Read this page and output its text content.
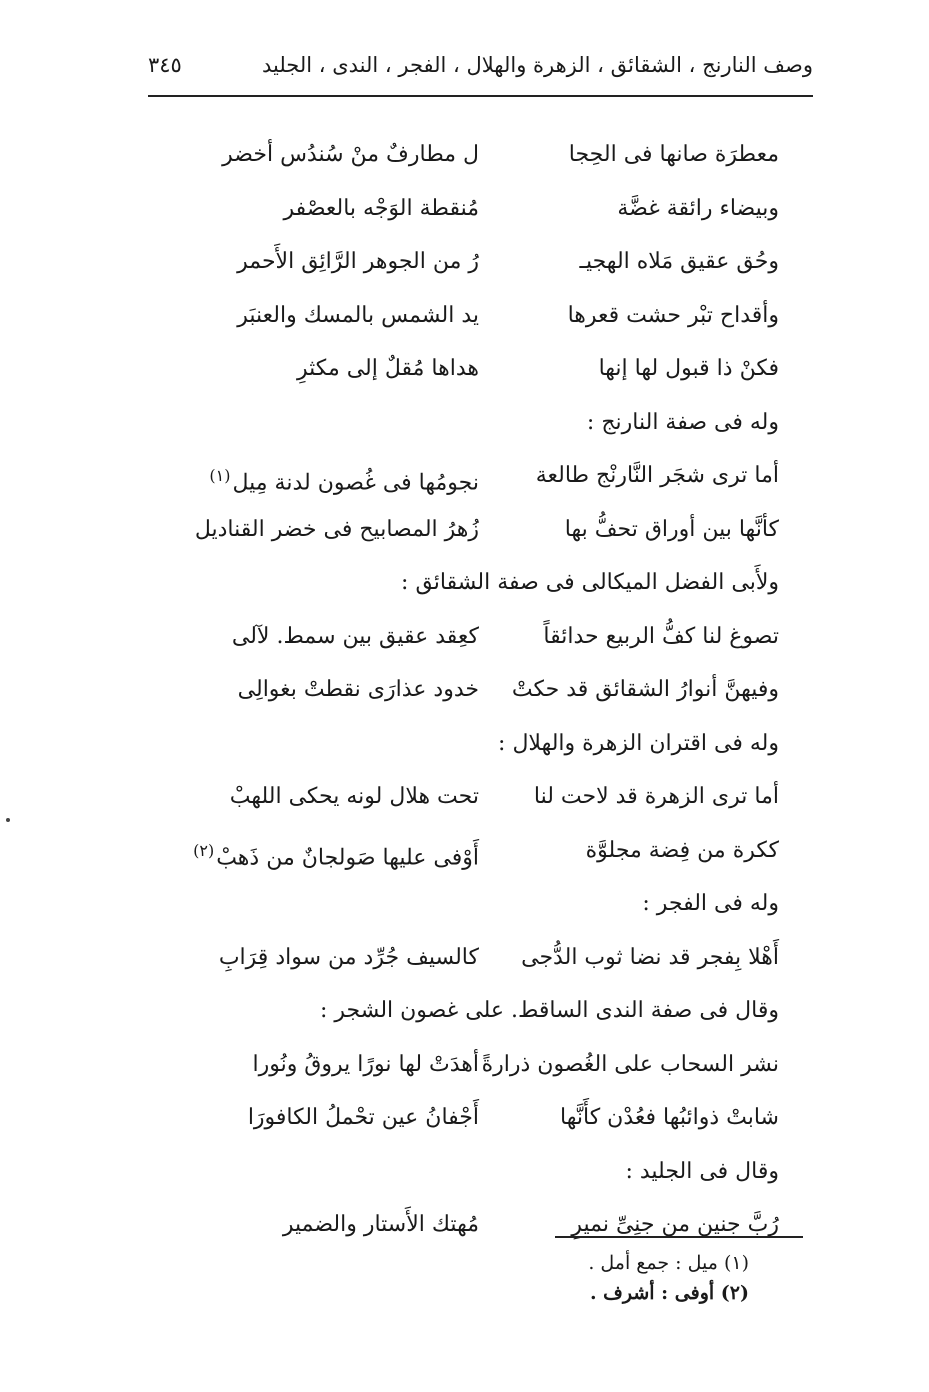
وصف النارنج ، الشقائق ، الزهرة والهلال ، الفجر ، الندى ، الجليد
٣٤٥
معطرَة صانها فى الحِجا
ل مطارفٌ منْ سُندُس أخضر
وبيضاء رائقة غضَّة
مُنقطة الوَجْه بالعصْفر
وحُق عقيق مَلاه الهجيـ
رُ من الجوهر الرَّائِق الأَحمر
وأقداح تبْر حشت قعرها
يد الشمس بالمسك والعنبَر
فكنْ ذا قبول لها إنها
هداها مُقلٌ إلى مكثرِ
وله فى صفة النارنج :
أما ترى شجَر النَّارنْج طالعة
نجومُها فى غُصون لدنة مِيل$^{(١)}$
كأنَّها بين أوراق تحفُّ بها
زُهرُ المصابيح فى خضر القناديل
ولأَبى الفضل الميكالى فى صفة الشقائق :
تصوغ لنا كفُّ الربيع حدائقاً
كعِقد عقيق بين سمط. لآلى
وفيهنَّ أنوارُ الشقائق قد حكتْ
خدود عذارَى نقطتْ بغوالِى
وله فى اقتران الزهرة والهلال :
أما ترى الزهرة قد لاحت لنا
تحت هلال لونه يحكى اللهبْ
ككرة من فِضة مجلوَّة
أَوْفى عليها صَولجانٌ من ذَهبْ$^{(٢)}$
وله فى الفجر :
أَهْلا بِفجر قد نضا ثوب الدُّجى
كالسيف جُرِّد من سواد قِرَابِ
وقال فى صفة الندى الساقط. على غصون الشجر :
نشر السحاب على الغُصون ذرارةً
أهدَتْ لها نورًا يروقُ ونُورا
شابتْ ذوائبُها فعُدْن كأَنَّها
أَجْفانُ عين تحْملُ الكافورَا
وقال فى الجليد :
رُبَّ جنين من جنِىِّ نميرِ
مُهتك الأَستار والضمير
(١) ميل : جمع أمل .
(٢) أوفى : أشرف .
